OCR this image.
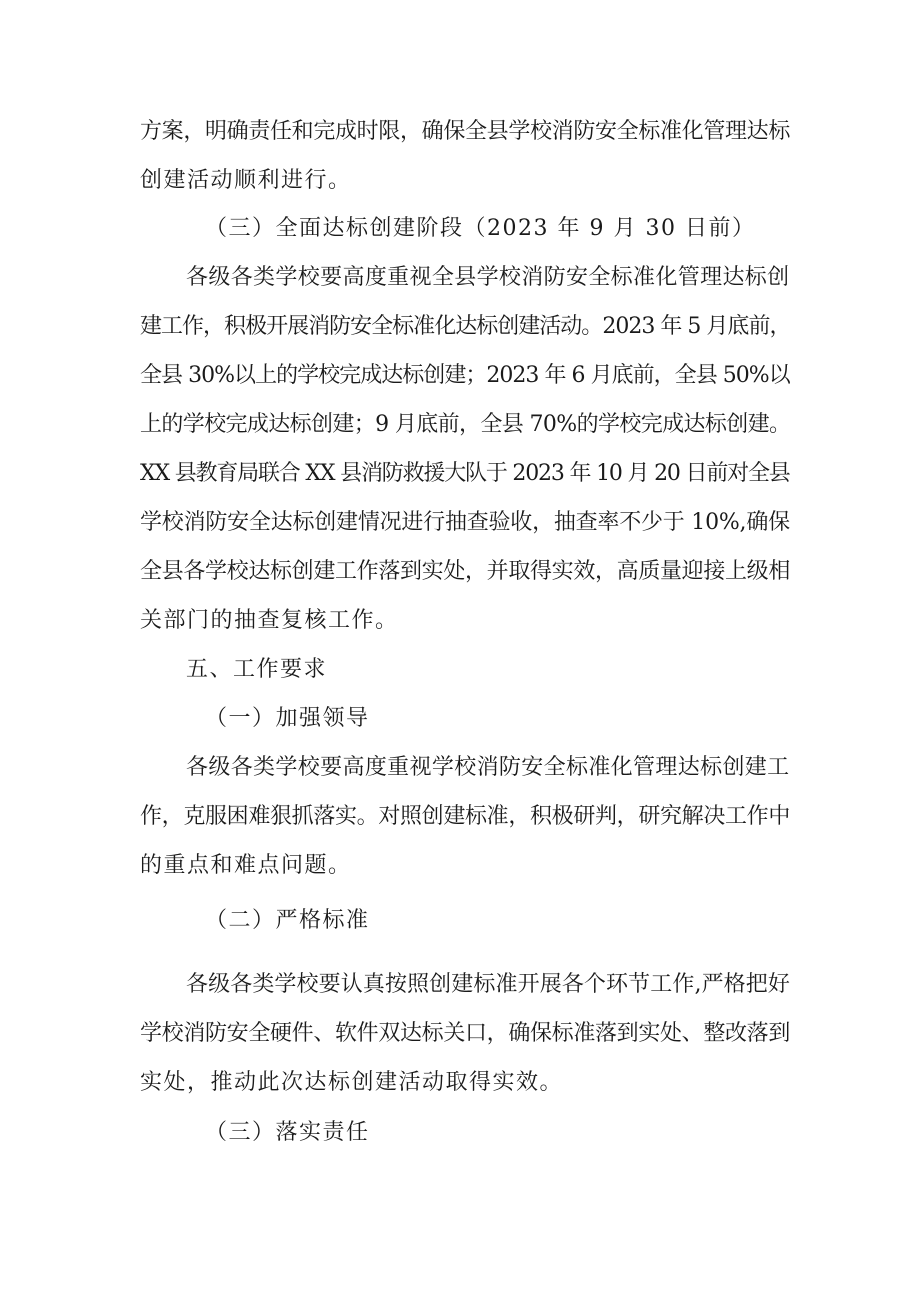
方案，明确责任和完成时限，确保全县学校消防安全标准化管理达标
创建活动顺利进行。
（三）全面达标创建阶段（2023 年 9 月 30 日前）
各级各类学校要高度重视全县学校消防安全标准化管理达标创
建工作，积极开展消防安全标准化达标创建活动。2023 年 5 月底前，
全县 30%以上的学校完成达标创建；2023 年 6 月底前，全县 50%以
上的学校完成达标创建；9 月底前，全县 70%的学校完成达标创建。
XX 县教育局联合 XX 县消防救援大队于 2023 年 10 月 20 日前对全县
学校消防安全达标创建情况进行抽查验收，抽查率不少于 10%,确保
全县各学校达标创建工作落到实处，并取得实效，高质量迎接上级相
关部门的抽查复核工作。
五、工作要求
（一）加强领导
各级各类学校要高度重视学校消防安全标准化管理达标创建工
作，克服困难狠抓落实。对照创建标准，积极研判，研究解决工作中
的重点和难点问题。
（二）严格标准
各级各类学校要认真按照创建标准开展各个环节工作,严格把好
学校消防安全硬件、软件双达标关口，确保标准落到实处、整改落到
实处，推动此次达标创建活动取得实效。
（三）落实责任
